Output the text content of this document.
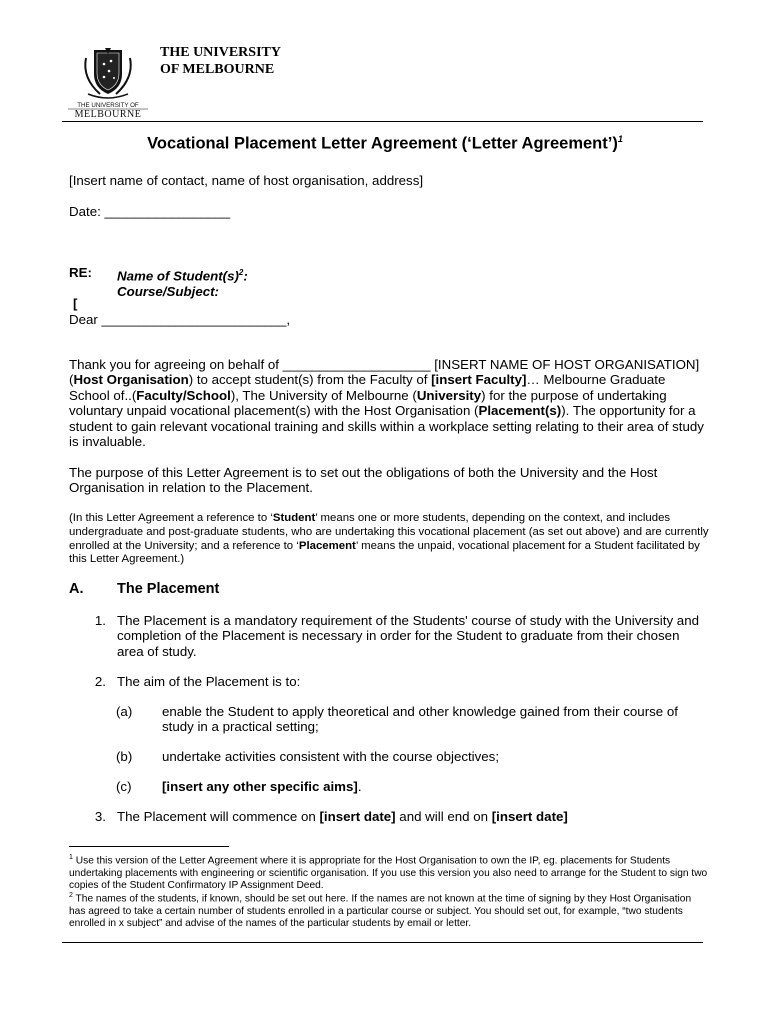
THE UNIVERSITY OF
MELBOURNE
THE UNIVERSITY
OF MELBOURNE
Vocational Placement Letter Agreement (‘Letter Agreement’)$^1$
[Insert name of contact, name of host organisation, address]
Date: _________________
RE: Name of $Student(s)^2$:
Course/Subject:
[
Dear _________________________,
Thank you for agreeing on behalf of ____________________ [INSERT NAME OF HOST ORGANISATION] (Host Organisation) to accept student(s) from the Faculty of [insert Faculty]… Melbourne Graduate School of..(Faculty/School), The University of Melbourne (University) for the purpose of undertaking voluntary unpaid vocational placement(s) with the Host Organisation (Placement(s)). The opportunity for a student to gain relevant vocational training and skills within a workplace setting relating to their area of study is invaluable.
The purpose of this Letter Agreement is to set out the obligations of both the University and the Host Organisation in relation to the Placement.
(In this Letter Agreement a reference to ‘Student’ means one or more students, depending on the context, and includes undergraduate and post-graduate students, who are undertaking this vocational placement (as set out above) and are currently enrolled at the University; and a reference to ‘Placement’ means the unpaid, vocational placement for a Student facilitated by this Letter Agreement.)
A. The Placement
1. The Placement is a mandatory requirement of the Students' course of study with the University and completion of the Placement is necessary in order for the Student to graduate from their chosen area of study.
2. The aim of the Placement is to:
(a) enable the Student to apply theoretical and other knowledge gained from their course of study in a practical setting;
(b) undertake activities consistent with the course objectives;
(c) [insert any other specific aims].
3. The Placement will commence on [insert date] and will end on [insert date]
$^1$ Use this version of the Letter Agreement where it is appropriate for the Host Organisation to own the IP, eg. placements for Students undertaking placements with engineering or scientific organisation. If you use this version you also need to arrange for the Student to sign two copies of the Student Confirmatory IP Assignment Deed.
$^2$ The names of the students, if known, should be set out here. If the names are not known at the time of signing by they Host Organisation has agreed to take a certain number of students enrolled in a particular course or subject. You should set out, for example, “two students enrolled in x subject” and advise of the names of the particular students by email or letter.
